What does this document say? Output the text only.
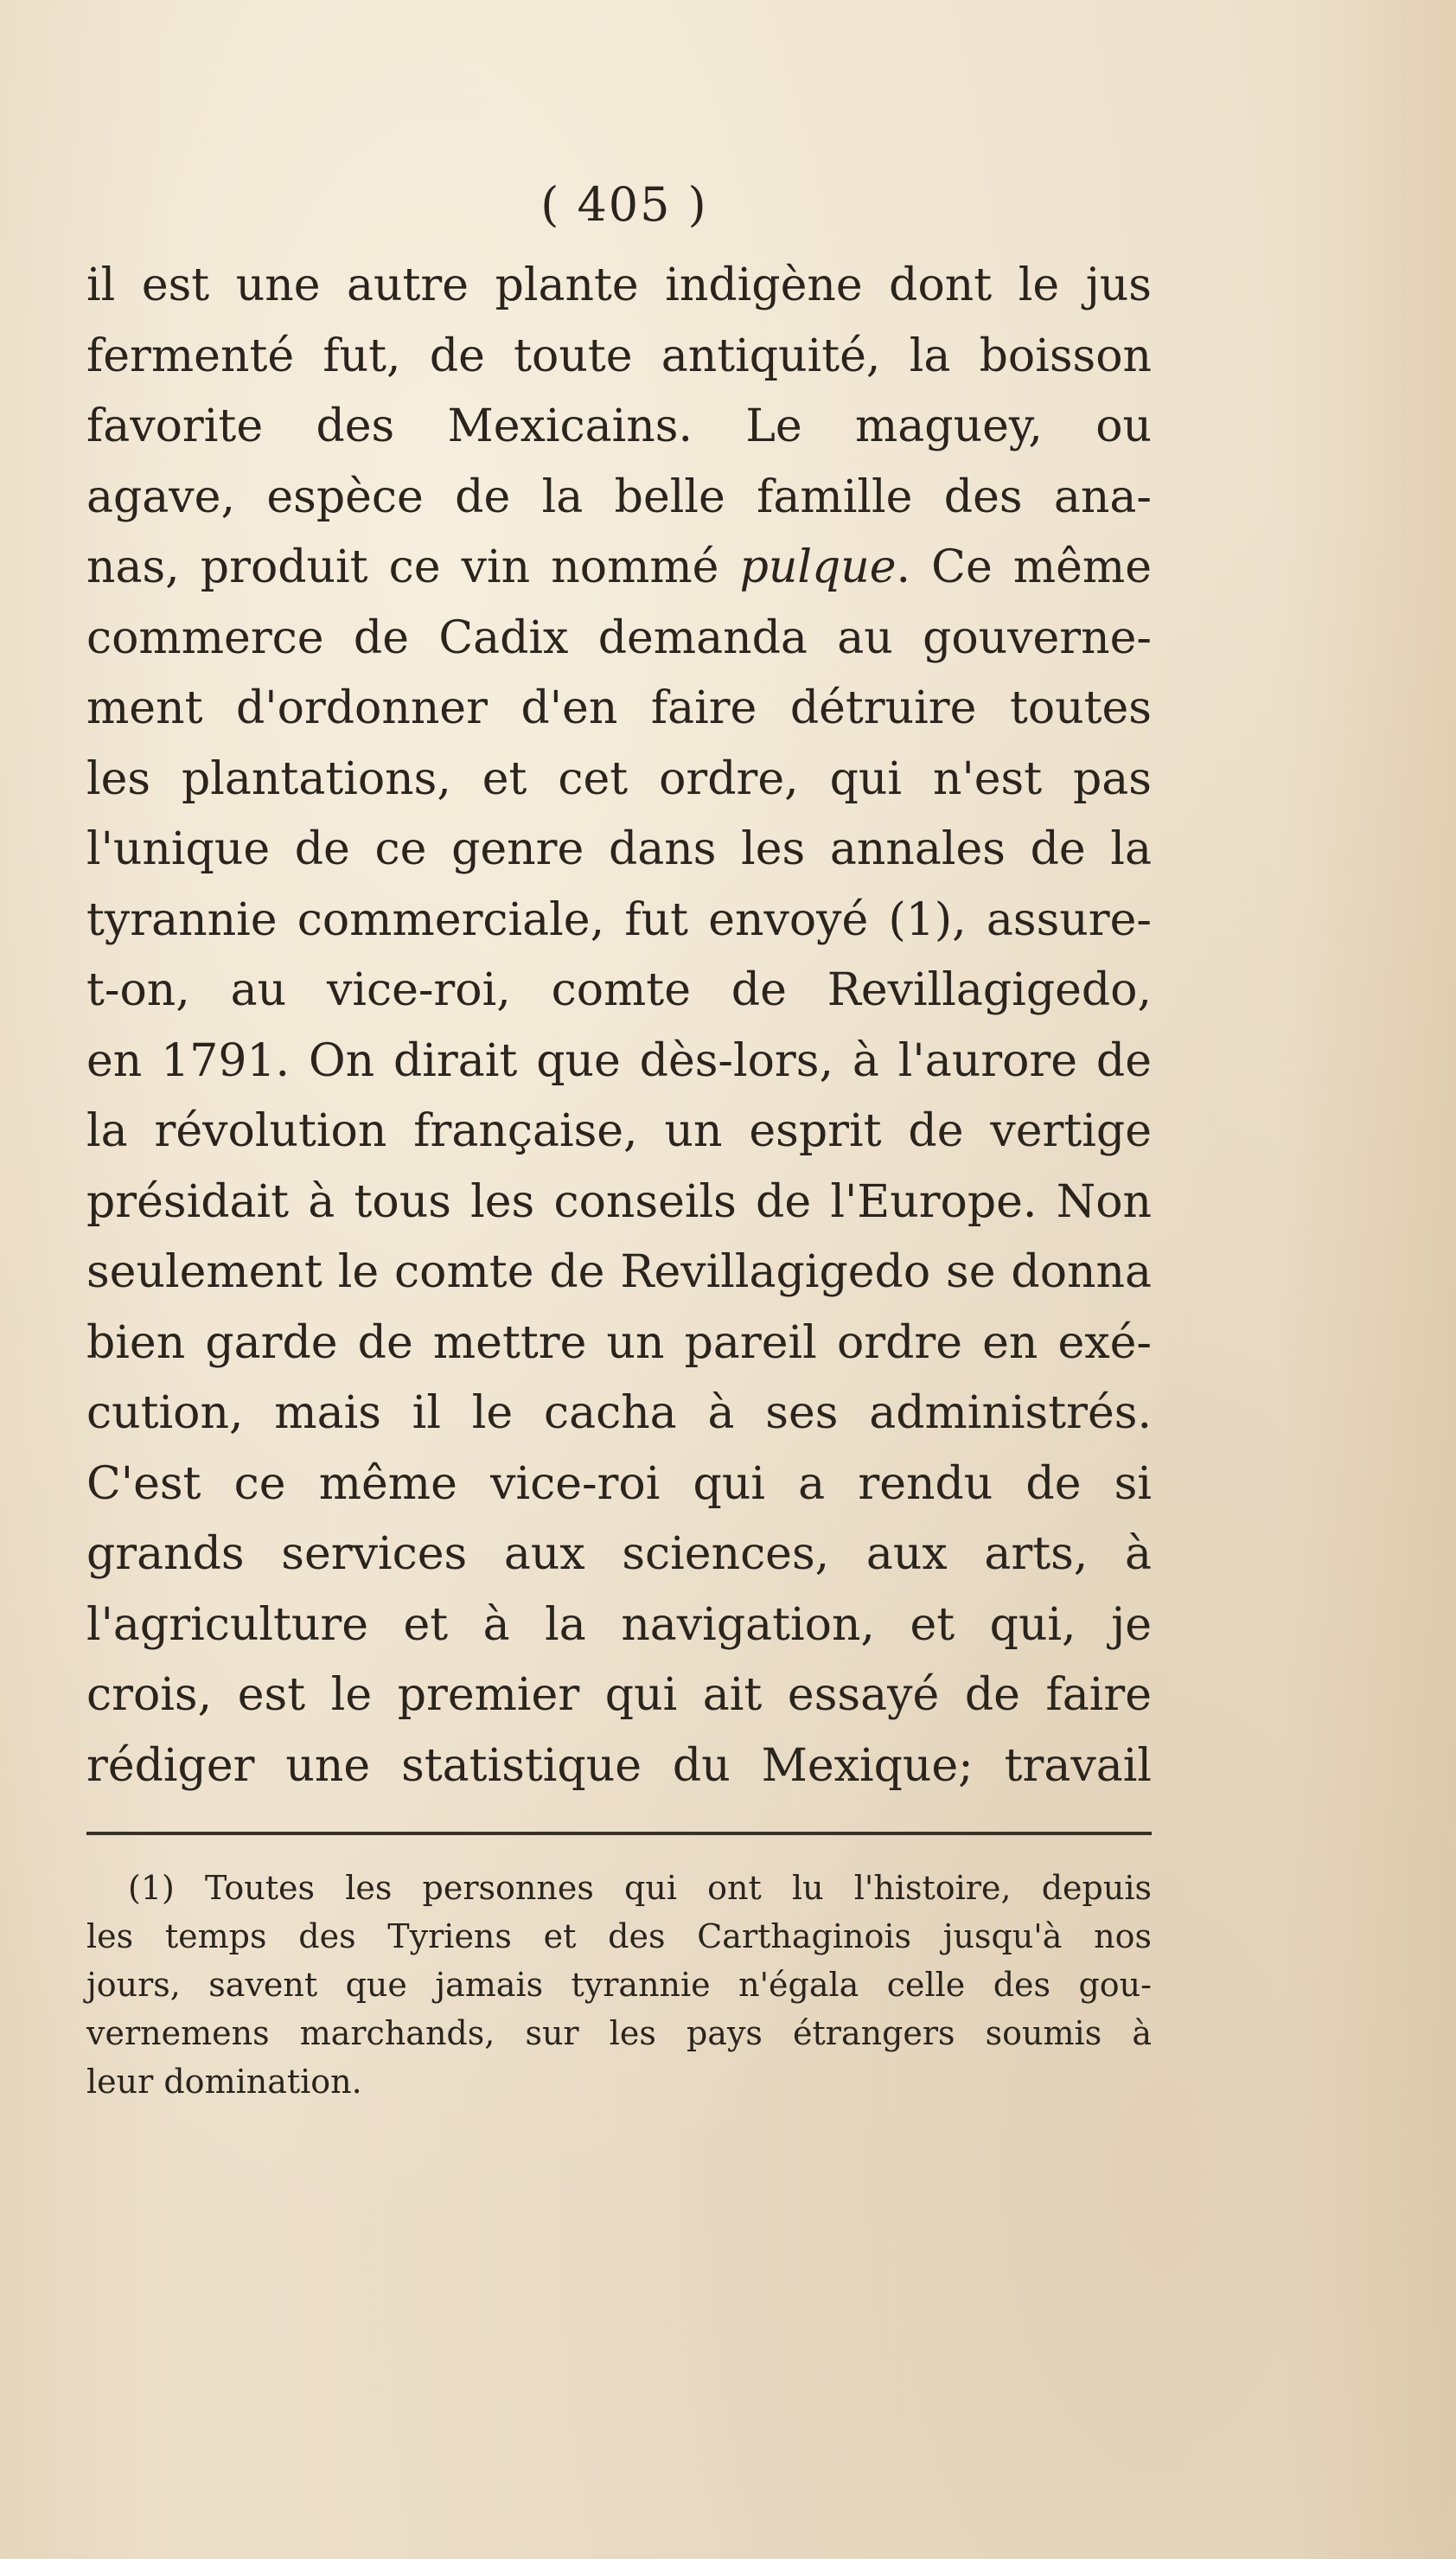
( 405 )
il est une autre plante indigène dont le jus
fermenté fut, de toute antiquité, la boisson
favorite des Mexicains. Le maguey, ou
agave, espèce de la belle famille des ana-
nas, produit ce vin nommé pulque. Ce même
commerce de Cadix demanda au gouverne-
ment d'ordonner d'en faire détruire toutes
les plantations, et cet ordre, qui n'est pas
l'unique de ce genre dans les annales de la
tyrannie commerciale, fut envoyé (1), assure-
t-on, au vice-roi, comte de Revillagigedo,
en 1791. On dirait que dès-lors, à l'aurore de
la révolution française, un esprit de vertige
présidait à tous les conseils de l'Europe. Non
seulement le comte de Revillagigedo se donna
bien garde de mettre un pareil ordre en exé-
cution, mais il le cacha à ses administrés.
C'est ce même vice-roi qui a rendu de si
grands services aux sciences, aux arts, à
l'agriculture et à la navigation, et qui, je
crois, est le premier qui ait essayé de faire
rédiger une statistique du Mexique; travail
(1) Toutes les personnes qui ont lu l'histoire, depuis
les temps des Tyriens et des Carthaginois jusqu'à nos
jours, savent que jamais tyrannie n'égala celle des gou-
vernemens marchands, sur les pays étrangers soumis à
leur domination.
